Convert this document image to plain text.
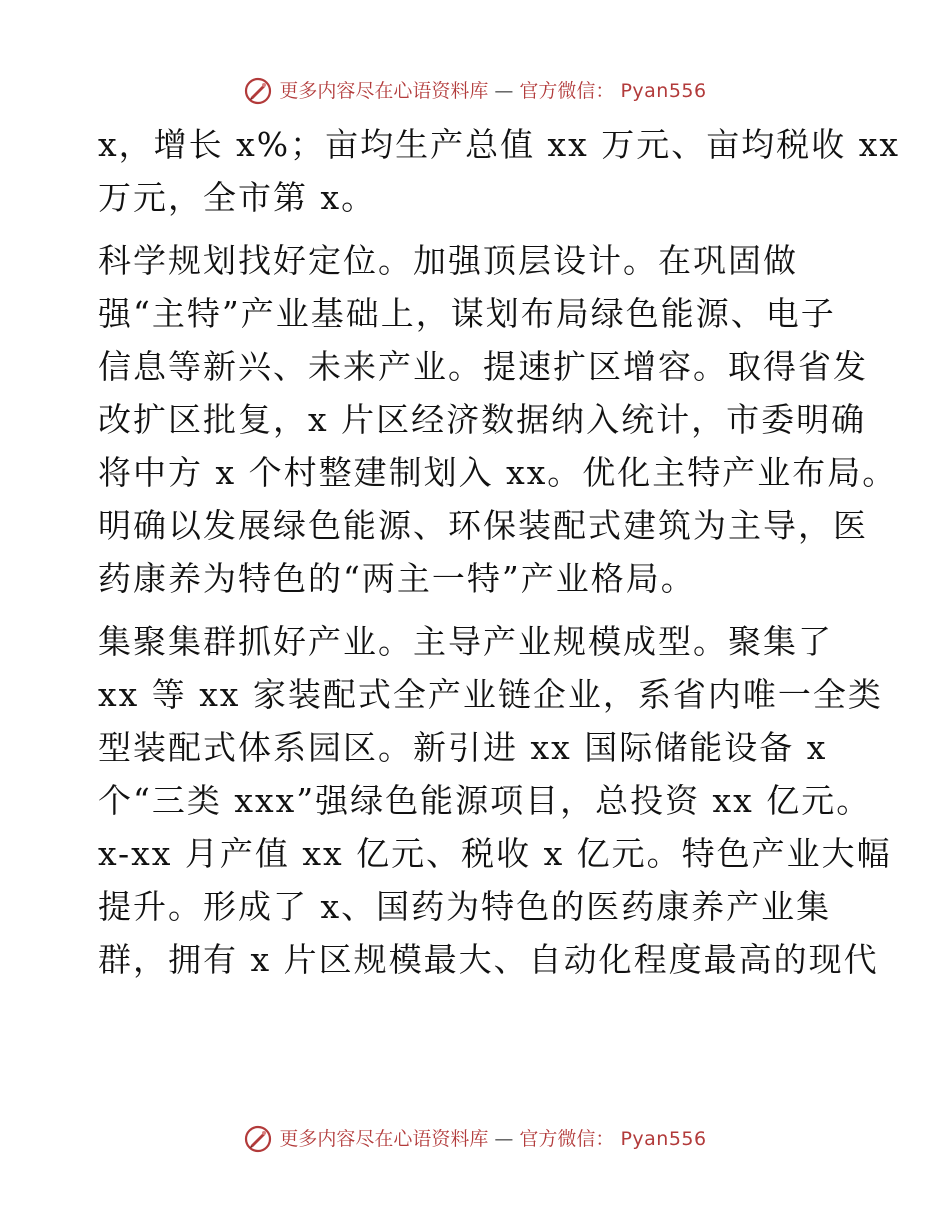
更多内容尽在心语资料库 — 官方微信： Pyan556

x，增长 x%；亩均生产总值 xx 万元、亩均税收 xx
万元，全市第 x。

科学规划找好定位。加强顶层设计。在巩固做
强“主特”产业基础上，谋划布局绿色能源、电子
信息等新兴、未来产业。提速扩区增容。取得省发
改扩区批复，x 片区经济数据纳入统计，市委明确
将中方 x 个村整建制划入 xx。优化主特产业布局。
明确以发展绿色能源、环保装配式建筑为主导，医
药康养为特色的“两主一特”产业格局。

集聚集群抓好产业。主导产业规模成型。聚集了
xx 等 xx 家装配式全产业链企业，系省内唯一全类
型装配式体系园区。新引进 xx 国际储能设备 x
个“三类 xxx”强绿色能源项目，总投资 xx 亿元。
x-xx 月产值 xx 亿元、税收 x 亿元。特色产业大幅
提升。形成了 x、国药为特色的医药康养产业集
群，拥有 x 片区规模最大、自动化程度最高的现代

更多内容尽在心语资料库 — 官方微信： Pyan556
